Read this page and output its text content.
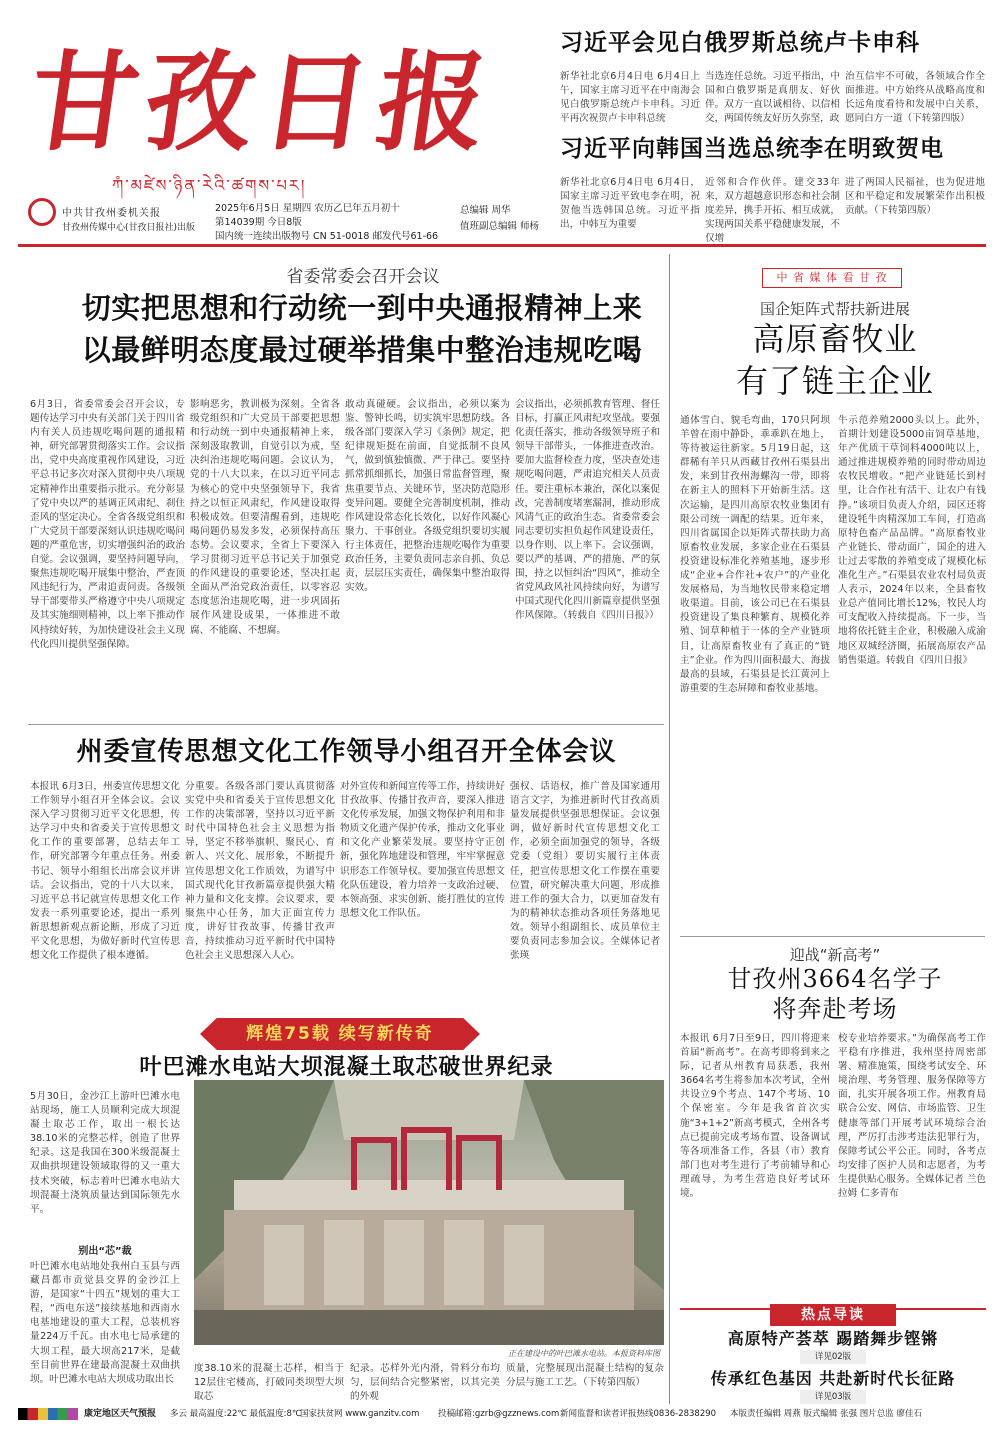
甘孜日报
ཀཾ་མཛེས་ཉིན་རེའི་ཚགས་པར།
中共甘孜州委机关报
甘孜州传媒中心(甘孜日报社)出版
2025年6月5日 星期四 农历乙巳年五月初十
第14039期 今日8版
国内统一连续出版物号 CN 51-0018 邮发代号61-66
总编辑 周华
值班副总编辑 师杨
习近平会见白俄罗斯总统卢卡申科
新华社北京6月4日电 6月4日上午，国家主席习近平在中南海会见白俄罗斯总统卢卡申科。习近平再次祝贺卢卡申科总统
当选连任总统。习近平指出，中国和白俄罗斯是真朋友、好伙伴。双方一直以诚相待、以信相交，两国传统友好历久弥坚，政
治互信牢不可破，各领域合作全面推进。中方始终从战略高度和长远角度看待和发展中白关系，愿同白方一道（下转第四版）
习近平向韩国当选总统李在明致贺电
新华社北京6月4日电 6月4日，国家主席习近平致电李在明，祝贺他当选韩国总统。习近平指出，中韩互为重要
近邻和合作伙伴。建交33年来，双方超越意识形态和社会制度差异，携手开拓、相互成就，实现两国关系平稳健康发展，不仅增
进了两国人民福祉，也为促进地区和平稳定和发展繁荣作出积极贡献。（下转第四版）
省委常委会召开会议
切实把思想和行动统一到中央通报精神上来
以最鲜明态度最过硬举措集中整治违规吃喝
6月3日，省委常委会召开会议，专题传达学习中央有关部门关于四川省内有关人员违规吃喝问题的通报精神，研究部署贯彻落实工作。会议指出，党中央高度重视作风建设，习近平总书记多次对深入贯彻中央八项规定精神作出重要指示批示。充分彰显了党中央以严的基调正风肃纪、刹住歪风的坚定决心。全省各级党组织和广大党员干部要深刻认识违规吃喝问题的严重危害，切实增强纠治的政治自觉。会议强调，要坚持问题导向，聚焦违规吃喝开展集中整治，严查顶风违纪行为，严肃追责问责。各级领导干部要带头严格遵守中央八项规定及其实施细则精神，以上率下推动作风持续好转，为加快建设社会主义现代化四川提供坚强保障。
影响恶劣，教训极为深刻。全省各级党组织和广大党员干部要把思想和行动统一到中央通报精神上来，深刻汲取教训，自觉引以为戒，坚决纠治违规吃喝问题。会议认为，党的十八大以来，在以习近平同志为核心的党中央坚强领导下，我省持之以恒正风肃纪，作风建设取得积极成效。但要清醒看到，违规吃喝问题仍易发多发，必须保持高压态势。会议要求，全省上下要深入学习贯彻习近平总书记关于加强党的作风建设的重要论述，坚决扛起全面从严治党政治责任，以零容忍态度惩治违规吃喝，进一步巩固拓展作风建设成果，一体推进不敢腐、不能腐、不想腐。
敢动真碰硬。会议指出，必须以案为鉴、警钟长鸣，切实筑牢思想防线。各级各部门要深入学习《条例》规定，把纪律规矩挺在前面，自觉抵制不良风气，做到慎独慎微、严于律己。要坚持抓常抓细抓长，加强日常监督管理，聚焦重要节点、关键环节，坚决防范隐形变异问题。要健全完善制度机制，推动作风建设常态化长效化，以好作风凝心聚力、干事创业。各级党组织要切实履行主体责任，把整治违规吃喝作为重要政治任务，主要负责同志亲自抓、负总责，层层压实责任，确保集中整治取得实效。
会议指出，必须抓教育管理、督任目标，打赢正风肃纪攻坚战。要强化责任落实，推动各级领导班子和领导干部带头，一体推进查改治。要加大监督检查力度，坚决查处违规吃喝问题，严肃追究相关人员责任。要注重标本兼治，深化以案促改，完善制度堵塞漏洞，推动形成风清气正的政治生态。省委常委会同志要切实担负起作风建设责任，以身作则、以上率下。会议强调，要以严的基调、严的措施、严的氛围，持之以恒纠治“四风”，推动全省党风政风社风持续向好，为谱写中国式现代化四川新篇章提供坚强作风保障。（转载自《四川日报》）
州委宣传思想文化工作领导小组召开全体会议
本报讯 6月3日，州委宣传思想文化工作领导小组召开全体会议。会议深入学习贯彻习近平文化思想，传达学习中央和省委关于宣传思想文化工作的重要部署，总结去年工作，研究部署今年重点任务。州委书记、领导小组组长出席会议并讲话。会议指出，党的十八大以来，习近平总书记就宣传思想文化工作发表一系列重要论述，提出一系列新思想新观点新论断，形成了习近平文化思想，为做好新时代宣传思想文化工作提供了根本遵循。
分重要。各级各部门要认真贯彻落实党中央和省委关于宣传思想文化工作的决策部署，坚持以习近平新时代中国特色社会主义思想为指导，坚定不移举旗帜、聚民心、育新人、兴文化、展形象，不断提升宣传思想文化工作质效，为谱写中国式现代化甘孜新篇章提供强大精神力量和文化支撑。会议要求，要聚焦中心任务，加大正面宣传力度，讲好甘孜故事、传播甘孜声音，持续推动习近平新时代中国特色社会主义思想深入人心。
对外宣传和新闻宣传等工作，持续讲好甘孜故事、传播甘孜声音，要深入推进文化传承发展，加强文物保护利用和非物质文化遗产保护传承，推动文化事业和文化产业繁荣发展。要坚持守正创新，强化阵地建设和管理，牢牢掌握意识形态工作领导权。要加强宣传思想文化队伍建设，着力培养一支政治过硬、本领高强、求实创新、能打胜仗的宣传思想文化工作队伍。
强权、话语权，推广普及国家通用语言文字，为推进新时代甘孜高质量发展提供坚强思想保证。会议强调，做好新时代宣传思想文化工作，必须全面加强党的领导，各级党委（党组）要切实履行主体责任，把宣传思想文化工作摆在重要位置，研究解决重大问题，形成推进工作的强大合力，以更加奋发有为的精神状态推动各项任务落地见效。领导小组副组长、成员单位主要负责同志参加会议。全媒体记者 张瑛
辉煌75载 续写新传奇
叶巴滩水电站大坝混凝土取芯破世界纪录
5月30日，金沙江上游叶巴滩水电站现场，施工人员顺利完成大坝混凝土取芯工作，取出一根长达38.10米的完整芯样，创造了世界纪录。这是我国在300米级混凝土双曲拱坝建设领域取得的又一重大技术突破，标志着叶巴滩水电站大坝混凝土浇筑质量达到国际领先水平。
别出“芯”裁
叶巴滩水电站地处我州白玉县与西藏昌都市贡觉县交界的金沙江上游，是国家“十四五”规划的重大工程，“西电东送”接续基地和西南水电基地建设的重大工程，总装机容量224万千瓦。由水电七局承建的大坝工程，最大坝高217米，是截至目前世界在建最高混凝土双曲拱坝。叶巴滩水电站大坝成功取出长
正在建设中的叶巴滩水电站。本报资料库图
度38.10米的混凝土芯样，相当于12层住宅楼高，打破同类坝型大坝取芯
纪录。芯样外光内滑，骨料分布均匀，层间结合完整紧密，以其完美的外观
质量，完整展现出混凝土结构的复杂分层与施工工艺。（下转第四版）
中 省 媒 体 看 甘 孜
国企矩阵式帮扶新进展
高原畜牧业
有了链主企业
通体雪白、貌毛弯曲，170只阿坝羊曾在雨中静卧，乖乖趴在地上，等待被运往新家。5月19日起，这群稀有羊只从西藏甘孜州石渠县出发，来到甘孜州海螺沟一带，即将在新主人的照料下开始新生活。这次运输，是四川高原农牧业集团有限公司统一调配的结果。近年来，四川省属国企以矩阵式帮扶助力高原畜牧业发展，多家企业在石渠县投资建设标准化养殖基地，逐步形成“企业+合作社+农户”的产业化发展格局，为当地牧民带来稳定增收渠道。目前，该公司已在石渠县投资建设了集良种繁育、规模化养殖、饲草种植于一体的全产业链项目，让高原畜牧业有了真正的“链主”企业。作为四川面积最大、海拔最高的县域，石渠县是长江黄河上游重要的生态屏障和畜牧业基地。
牛示范养殖2000头以上。此外，首期计划建设5000亩饲草基地，年产优质干草饲料4000吨以上，通过推进规模养殖的同时带动周边农牧民增收。“把产业链延长到村里，让合作社有活干、让农户有钱挣。”该项目负责人介绍，园区还将建设牦牛肉精深加工车间，打造高原特色畜产品品牌。“高原畜牧业产业链长、带动面广，国企的进入让过去零散的养殖变成了规模化标准化生产。”石渠县农业农村局负责人表示，2024年以来，全县畜牧业总产值同比增长12%，牧民人均可支配收入持续提高。下一步，当地将依托链主企业，积极融入成渝地区双城经济圈，拓展高原农产品销售渠道。转载自《四川日报》
迎战“新高考”
甘孜州3664名学子
将奔赴考场
本报讯 6月7日至9日，四川将迎来首届“新高考”。在高考即将到来之际，记者从州教育局获悉，我州3664名考生将参加本次考试，全州共设立9个考点、147个考场、10个保密室。今年是我省首次实施“3+1+2”新高考模式，全州各考点已提前完成考场布置、设备调试等各项准备工作，各县（市）教育部门也对考生进行了考前辅导和心理疏导，为考生营造良好考试环境。
校专业培养要求。”为确保高考工作平稳有序推进，我州坚持周密部署、精准施策，围绕考试安全、环境治理、考务管理、服务保障等方面，扎实开展各项工作。州教育局联合公安、网信、市场监管、卫生健康等部门开展考试环境综合治理，严厉打击涉考违法犯罪行为，保障考试公平公正。同时，各考点均安排了医护人员和志愿者，为考生提供贴心服务。全媒体记者 兰色拉姆 仁多青布
热点导读
高原特产荟萃 踢踏舞步铿锵
详见02版
传承红色基因 共赴新时代长征路
详见03版
康定地区天气预报 多云 最高温度:22℃ 最低温度:8℃
国家扶贫网 www.ganzitv.com 投稿邮箱:gzrb@gzznews.com 新闻监督和读者评报热线0836-2838290 本版责任编辑 周燕 版式编辑 张强 图片总监 廖佳石
